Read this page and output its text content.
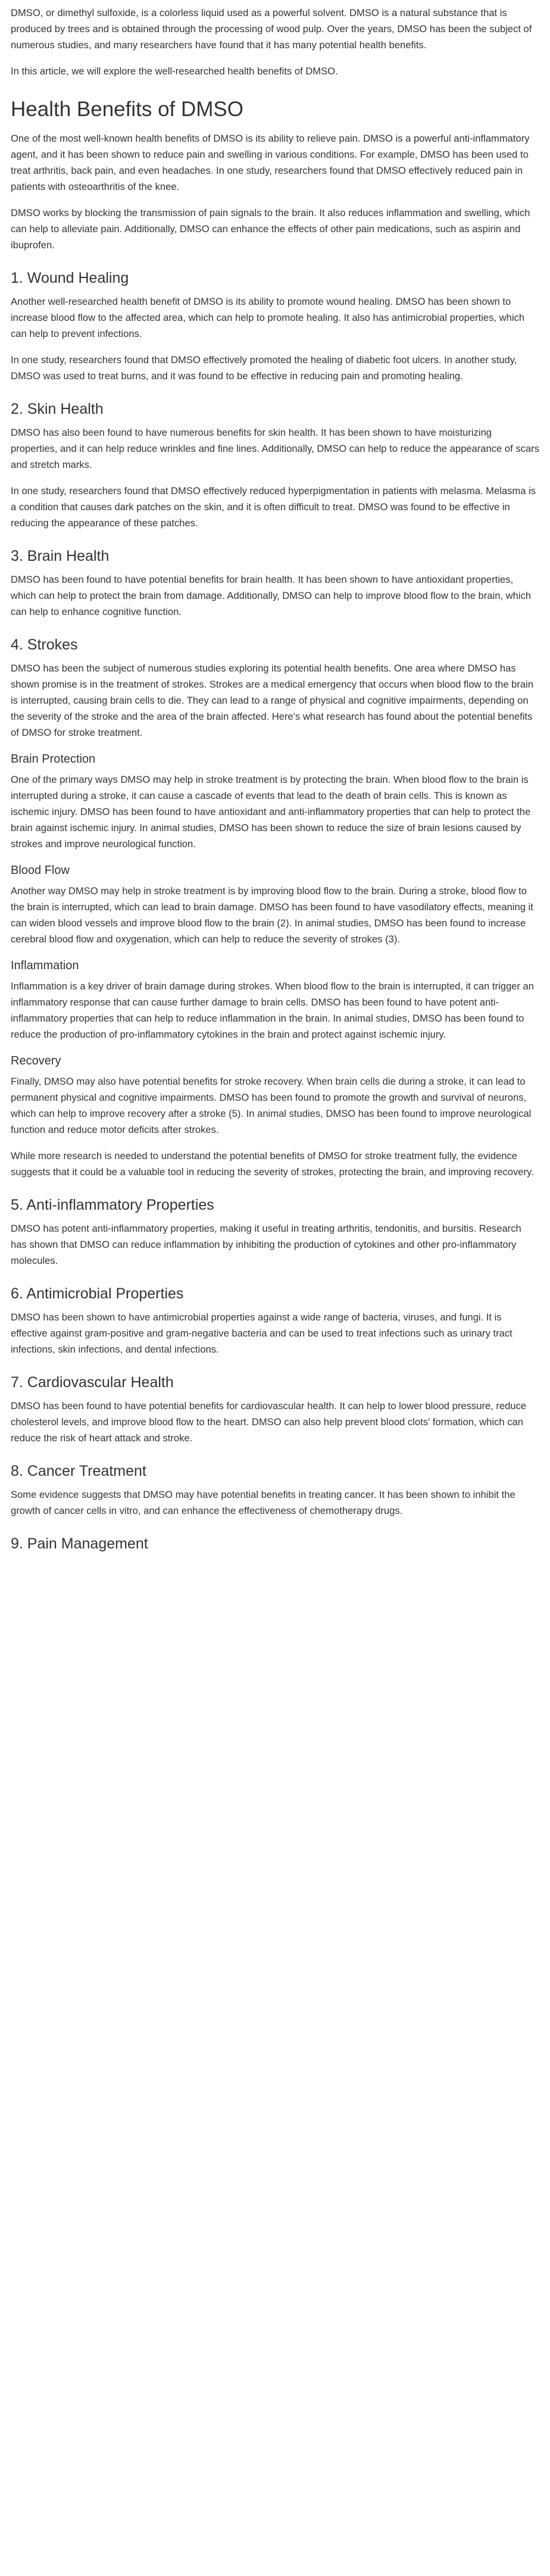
DMSO, or dimethyl sulfoxide, is a colorless liquid used as a powerful solvent. DMSO is a natural substance that is produced by trees and is obtained through the processing of wood pulp. Over the years, DMSO has been the subject of numerous studies, and many researchers have found that it has many potential health benefits.

In this article, we will explore the well-researched health benefits of DMSO.

Health Benefits of DMSO

One of the most well-known health benefits of DMSO is its ability to relieve pain. DMSO is a powerful anti-inflammatory agent, and it has been shown to reduce pain and swelling in various conditions. For example, DMSO has been used to treat arthritis, back pain, and even headaches. In one study, researchers found that DMSO effectively reduced pain in patients with osteoarthritis of the knee.

DMSO works by blocking the transmission of pain signals to the brain. It also reduces inflammation and swelling, which can help to alleviate pain. Additionally, DMSO can enhance the effects of other pain medications, such as aspirin and ibuprofen.

1. Wound Healing

Another well-researched health benefit of DMSO is its ability to promote wound healing. DMSO has been shown to increase blood flow to the affected area, which can help to promote healing. It also has antimicrobial properties, which can help to prevent infections.

In one study, researchers found that DMSO effectively promoted the healing of diabetic foot ulcers. In another study, DMSO was used to treat burns, and it was found to be effective in reducing pain and promoting healing.

2. Skin Health

DMSO has also been found to have numerous benefits for skin health. It has been shown to have moisturizing properties, and it can help reduce wrinkles and fine lines. Additionally, DMSO can help to reduce the appearance of scars and stretch marks.

In one study, researchers found that DMSO effectively reduced hyperpigmentation in patients with melasma. Melasma is a condition that causes dark patches on the skin, and it is often difficult to treat. DMSO was found to be effective in reducing the appearance of these patches.

3. Brain Health

DMSO has been found to have potential benefits for brain health. It has been shown to have antioxidant properties, which can help to protect the brain from damage. Additionally, DMSO can help to improve blood flow to the brain, which can help to enhance cognitive function.

4. Strokes

DMSO has been the subject of numerous studies exploring its potential health benefits. One area where DMSO has shown promise is in the treatment of strokes. Strokes are a medical emergency that occurs when blood flow to the brain is interrupted, causing brain cells to die. They can lead to a range of physical and cognitive impairments, depending on the severity of the stroke and the area of the brain affected. Here's what research has found about the potential benefits of DMSO for stroke treatment.

Brain Protection

One of the primary ways DMSO may help in stroke treatment is by protecting the brain. When blood flow to the brain is interrupted during a stroke, it can cause a cascade of events that lead to the death of brain cells. This is known as ischemic injury. DMSO has been found to have antioxidant and anti-inflammatory properties that can help to protect the brain against ischemic injury. In animal studies, DMSO has been shown to reduce the size of brain lesions caused by strokes and improve neurological function.

Blood Flow

Another way DMSO may help in stroke treatment is by improving blood flow to the brain. During a stroke, blood flow to the brain is interrupted, which can lead to brain damage. DMSO has been found to have vasodilatory effects, meaning it can widen blood vessels and improve blood flow to the brain (2). In animal studies, DMSO has been found to increase cerebral blood flow and oxygenation, which can help to reduce the severity of strokes (3).

Inflammation

Inflammation is a key driver of brain damage during strokes. When blood flow to the brain is interrupted, it can trigger an inflammatory response that can cause further damage to brain cells. DMSO has been found to have potent anti-inflammatory properties that can help to reduce inflammation in the brain. In animal studies, DMSO has been found to reduce the production of pro-inflammatory cytokines in the brain and protect against ischemic injury.

Recovery

Finally, DMSO may also have potential benefits for stroke recovery. When brain cells die during a stroke, it can lead to permanent physical and cognitive impairments. DMSO has been found to promote the growth and survival of neurons, which can help to improve recovery after a stroke (5). In animal studies, DMSO has been found to improve neurological function and reduce motor deficits after strokes.

While more research is needed to understand the potential benefits of DMSO for stroke treatment fully, the evidence suggests that it could be a valuable tool in reducing the severity of strokes, protecting the brain, and improving recovery.

5. Anti-inflammatory Properties

DMSO has potent anti-inflammatory properties, making it useful in treating arthritis, tendonitis, and bursitis. Research has shown that DMSO can reduce inflammation by inhibiting the production of cytokines and other pro-inflammatory molecules.

6. Antimicrobial Properties

DMSO has been shown to have antimicrobial properties against a wide range of bacteria, viruses, and fungi. It is effective against gram-positive and gram-negative bacteria and can be used to treat infections such as urinary tract infections, skin infections, and dental infections.

7. Cardiovascular Health

DMSO has been found to have potential benefits for cardiovascular health. It can help to lower blood pressure, reduce cholesterol levels, and improve blood flow to the heart. DMSO can also help prevent blood clots' formation, which can reduce the risk of heart attack and stroke.

8. Cancer Treatment

Some evidence suggests that DMSO may have potential benefits in treating cancer. It has been shown to inhibit the growth of cancer cells in vitro, and can enhance the effectiveness of chemotherapy drugs.

9. Pain Management
